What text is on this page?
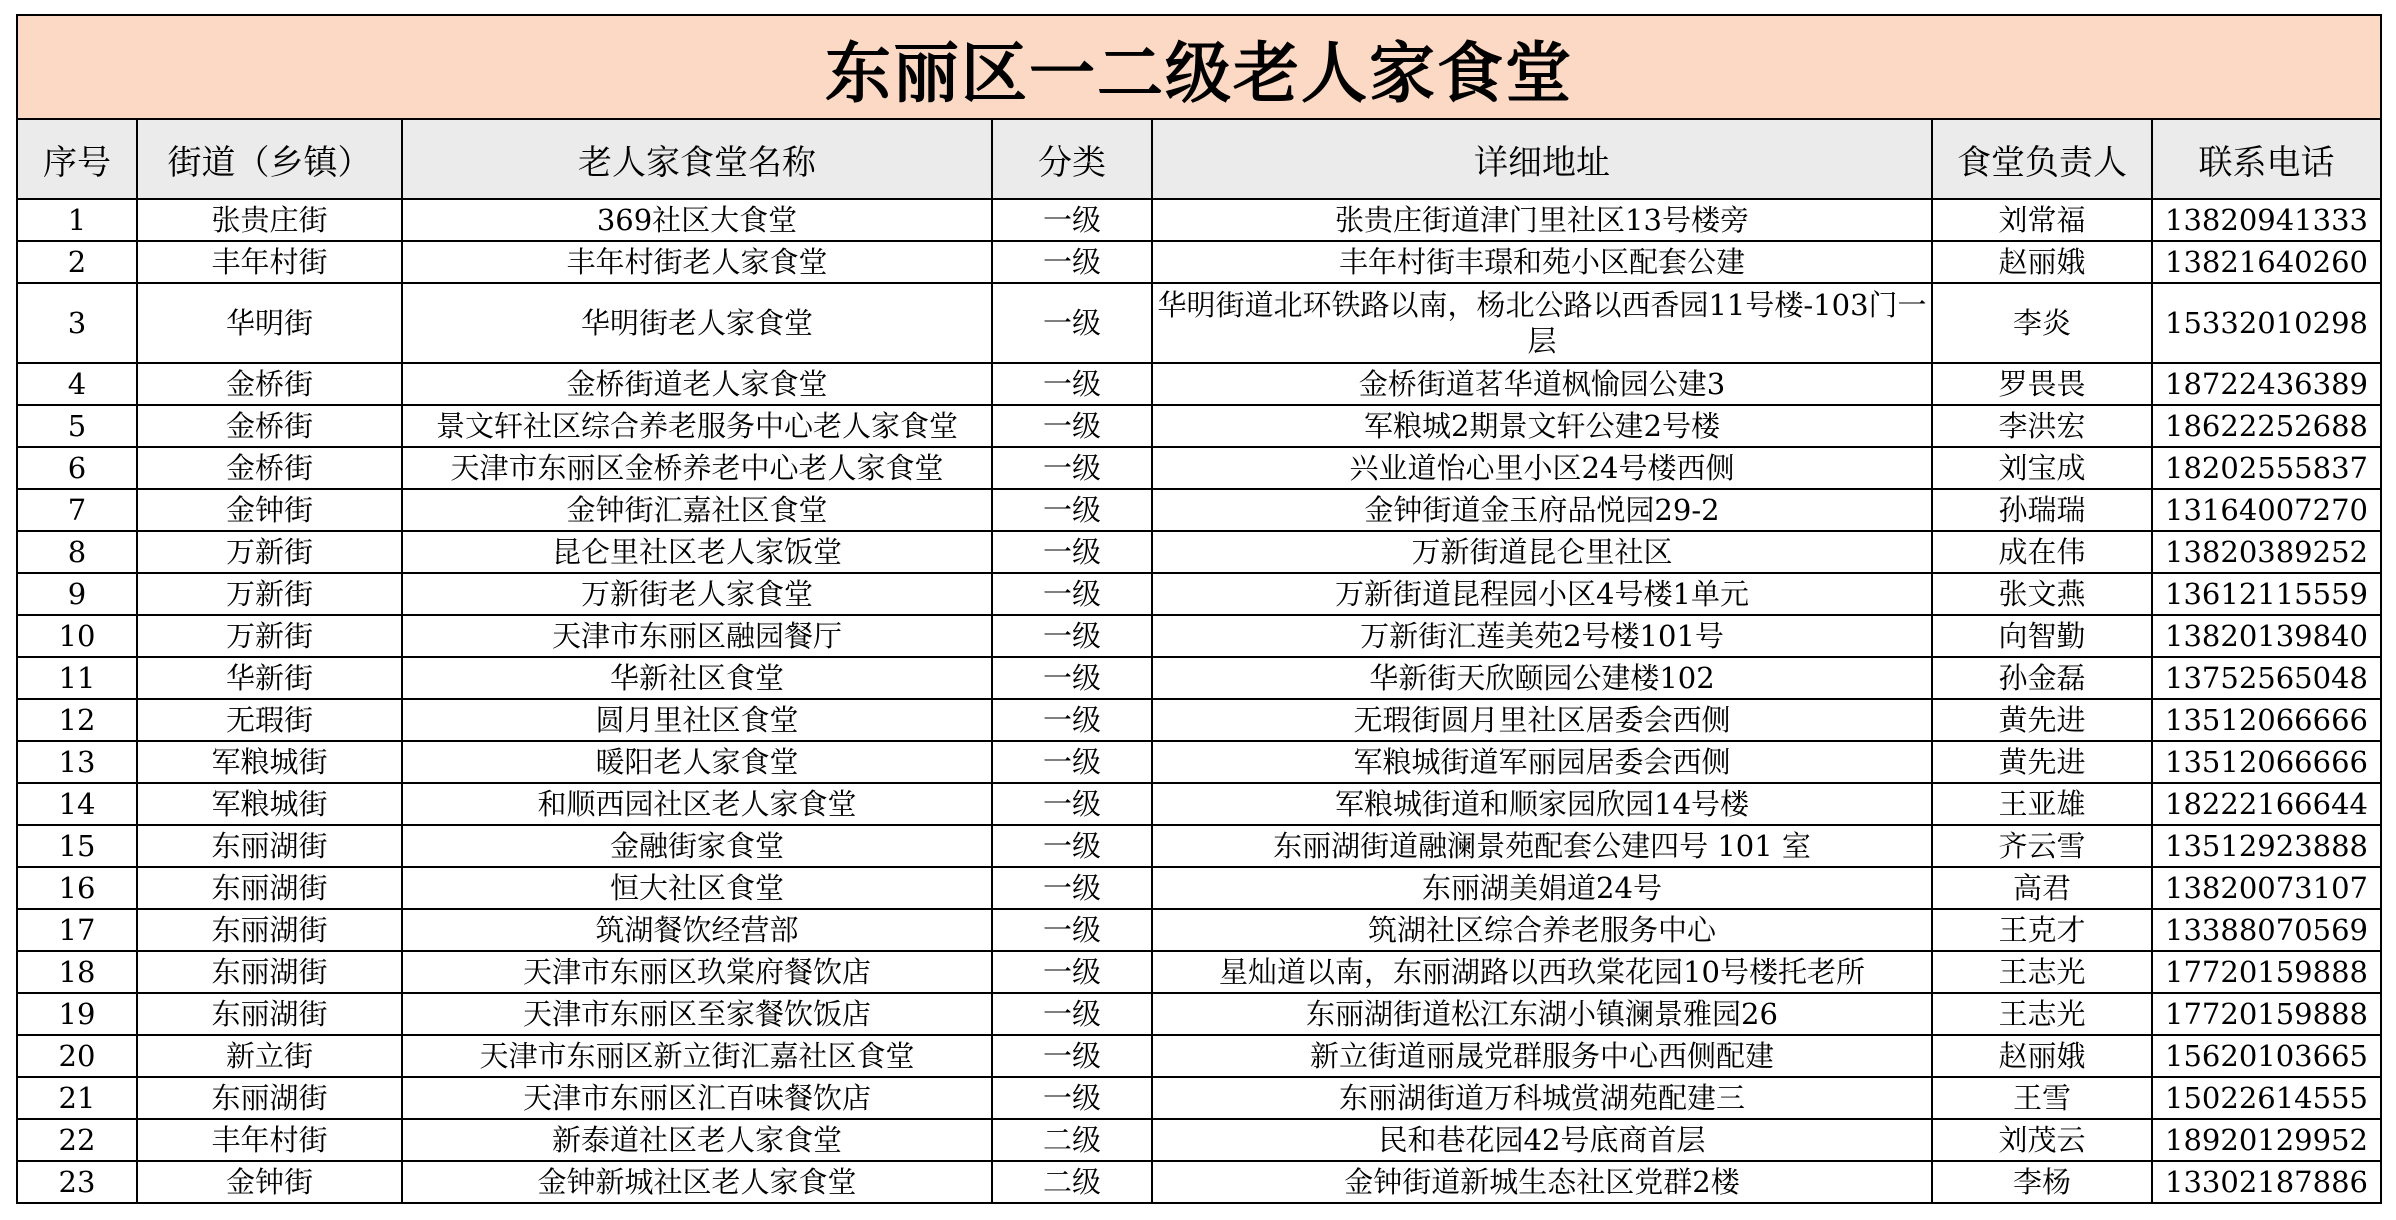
东丽区一二级老人家食堂						
序号	街道（乡镇）	老人家食堂名称	分类	详细地址	食堂负责人	联系电话
1	张贵庄街	369社区大食堂	一级	张贵庄街道津门里社区13号楼旁	刘常福	13820941333
2	丰年村街	丰年村街老人家食堂	一级	丰年村街丰璟和苑小区配套公建	赵丽娥	13821640260
3	华明街	华明街老人家食堂	一级	华明街道北环铁路以南，杨北公路以西香园11号楼-103门一层	李炎	15332010298
4	金桥街	金桥街道老人家食堂	一级	金桥街道茗华道枫愉园公建3	罗畏畏	18722436389
5	金桥街	景文轩社区综合养老服务中心老人家食堂	一级	军粮城2期景文轩公建2号楼	李洪宏	18622252688
6	金桥街	天津市东丽区金桥养老中心老人家食堂	一级	兴业道怡心里小区24号楼西侧	刘宝成	18202555837
7	金钟街	金钟街汇嘉社区食堂	一级	金钟街道金玉府品悦园29-2	孙瑞瑞	13164007270
8	万新街	昆仑里社区老人家饭堂	一级	万新街道昆仑里社区	成在伟	13820389252
9	万新街	万新街老人家食堂	一级	万新街道昆程园小区4号楼1单元	张文燕	13612115559
10	万新街	天津市东丽区融园餐厅	一级	万新街汇莲美苑2号楼101号	向智勤	13820139840
11	华新街	华新社区食堂	一级	华新街天欣颐园公建楼102	孙金磊	13752565048
12	无瑕街	圆月里社区食堂	一级	无瑕街圆月里社区居委会西侧	黄先进	13512066666
13	军粮城街	暖阳老人家食堂	一级	军粮城街道军丽园居委会西侧	黄先进	13512066666
14	军粮城街	和顺西园社区老人家食堂	一级	军粮城街道和顺家园欣园14号楼	王亚雄	18222166644
15	东丽湖街	金融街家食堂	一级	东丽湖街道融澜景苑配套公建四号 101 室	齐云雪	13512923888
16	东丽湖街	恒大社区食堂	一级	东丽湖美娟道24号	高君	13820073107
17	东丽湖街	筑湖餐饮经营部	一级	筑湖社区综合养老服务中心	王克才	13388070569
18	东丽湖街	天津市东丽区玖棠府餐饮店	一级	星灿道以南，东丽湖路以西玖棠花园10号楼托老所	王志光	17720159888
19	东丽湖街	天津市东丽区至家餐饮饭店	一级	东丽湖街道松江东湖小镇澜景雅园26	王志光	17720159888
20	新立街	天津市东丽区新立街汇嘉社区食堂	一级	新立街道丽晟党群服务中心西侧配建	赵丽娥	15620103665
21	东丽湖街	天津市东丽区汇百味餐饮店	一级	东丽湖街道万科城赏湖苑配建三	王雪	15022614555
22	丰年村街	新泰道社区老人家食堂	二级	民和巷花园42号底商首层	刘茂云	18920129952
23	金钟街	金钟新城社区老人家食堂	二级	金钟街道新城生态社区党群2楼	李杨	13302187886
